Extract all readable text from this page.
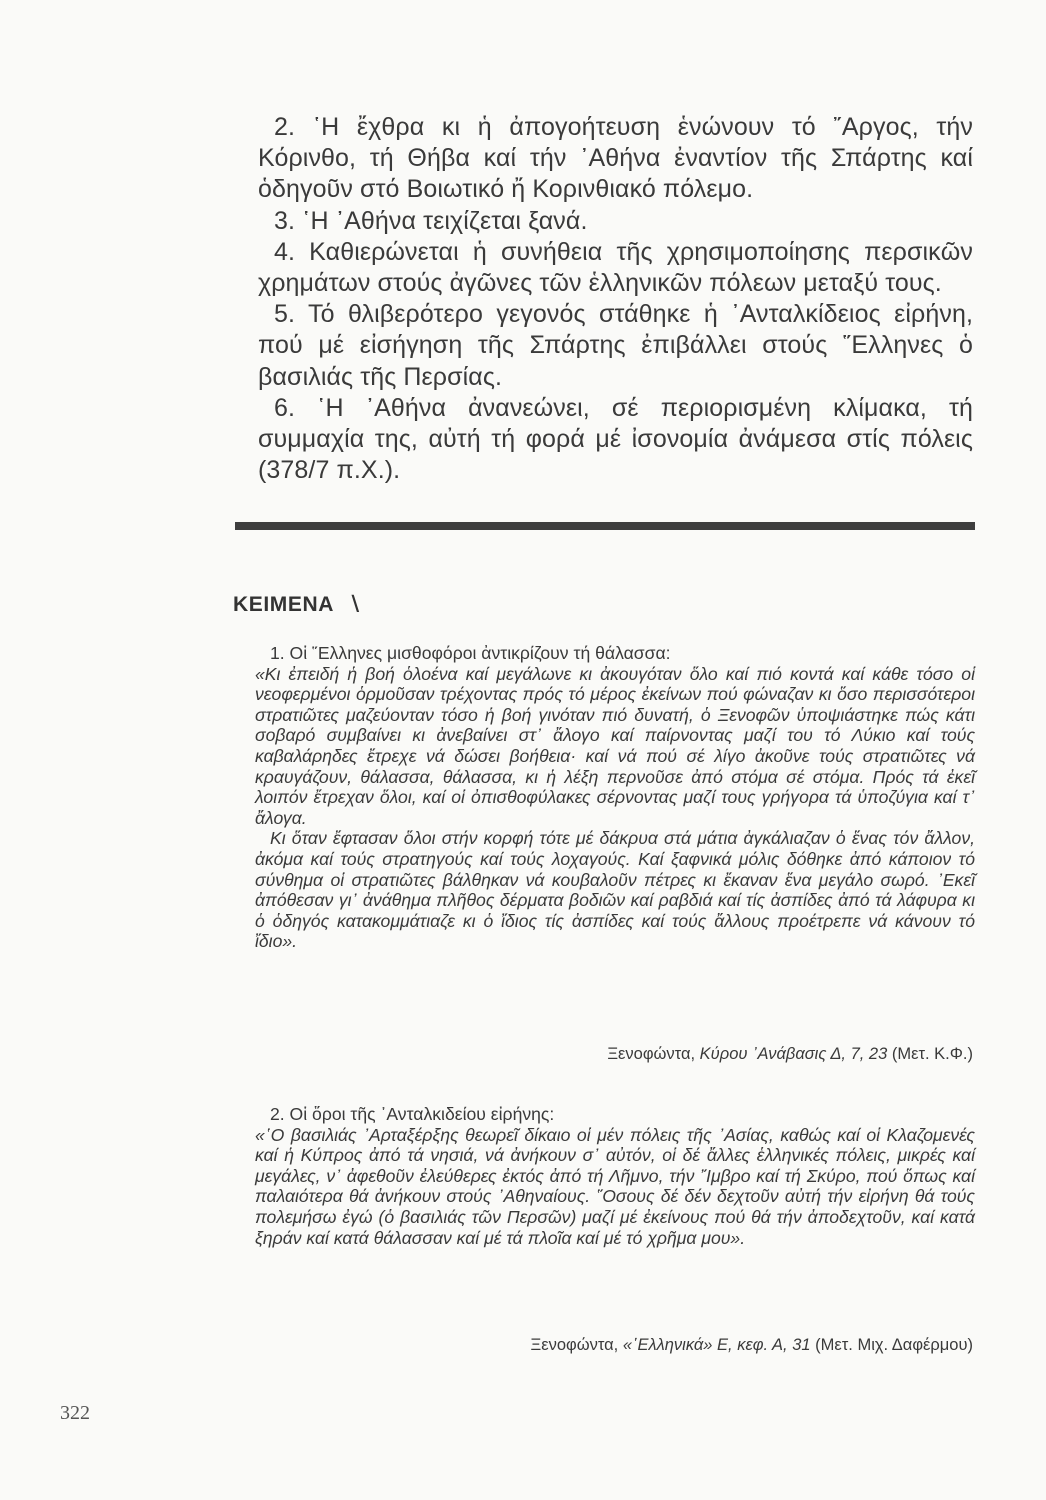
2. ῾Η ἔχθρα κι ἡ ἀπογοήτευση ἑνώνουν τό ῎Αργος, τήν Κόρινθο, τή Θήβα καί τήν ᾿Αθήνα ἐναντίον τῆς Σπάρτης καί ὁδηγοῦν στό Βοιωτικό ἤ Κορινθιακό πόλεμο.

3. ῾Η ᾿Αθήνα τειχίζεται ξανά.

4. Καθιερώνεται ἡ συνήθεια τῆς χρησιμοποίησης περσικῶν χρημάτων στούς ἀγῶνες τῶν ἑλληνικῶν πόλεων μεταξύ τους.

5. Τό θλιβερότερο γεγονός στάθηκε ἡ ᾿Ανταλκίδειος εἰρήνη, πού μέ εἰσήγηση τῆς Σπάρτης ἐπιβάλλει στούς ῞Ελληνες ὁ βασιλιάς τῆς Περσίας.

6. ῾Η ᾿Αθήνα ἀνανεώνει, σέ περιορισμένη κλίμακα, τή συμμαχία της, αὐτή τή φορά μέ ἰσονομία ἀνάμεσα στίς πόλεις (378/7 π.Χ.).

ΚΕΙΜΕΝΑ ∖

1. Οἱ ῞Ελληνες μισθοφόροι ἀντικρίζουν τή θάλασσα:

«Κι ἐπειδή ἡ βοή ὁλοένα καί μεγάλωνε κι ἀκουγόταν ὅλο καί πιό κοντά καί κάθε τόσο οἱ νεοφερμένοι ὁρμοῦσαν τρέχοντας πρός τό μέρος ἐκείνων πού φώναζαν κι ὅσο περισσότεροι στρατιῶτες μαζεύονταν τόσο ἡ βοή γινόταν πιό δυνατή, ὁ Ξενοφῶν ὑποψιάστηκε πώς κάτι σοβαρό συμβαίνει κι ἀνεβαίνει στ᾿ ἄλογο καί παίρνοντας μαζί του τό Λύκιο καί τούς καβαλάρηδες ἔτρεχε νά δώσει βοήθεια· καί νά πού σέ λίγο ἀκοῦνε τούς στρατιῶτες νά κραυγάζουν, θάλασσα, θάλασσα, κι ἡ λέξη περνοῦσε ἀπό στόμα σέ στόμα. Πρός τά ἐκεῖ λοιπόν ἔτρεχαν ὅλοι, καί οἱ ὀπισθοφύλακες σέρνοντας μαζί τους γρήγορα τά ὑποζύγια καί τ᾿ ἄλογα.

Κι ὅταν ἔφτασαν ὅλοι στήν κορφή τότε μέ δάκρυα στά μάτια ἀγκάλιαζαν ὁ ἕνας τόν ἄλλον, ἀκόμα καί τούς στρατηγούς καί τούς λοχαγούς. Καί ξαφνικά μόλις δόθηκε ἀπό κάποιον τό σύνθημα οἱ στρατιῶτες βάλθηκαν νά κουβαλοῦν πέτρες κι ἔκαναν ἕνα μεγάλο σωρό. ᾿Εκεῖ ἀπόθεσαν γι᾿ ἀνάθημα πλῆθος δέρματα βοδιῶν καί ραβδιά καί τίς ἀσπίδες ἀπό τά λάφυρα κι ὁ ὁδηγός κατακομμάτιαζε κι ὁ ἴδιος τίς ἀσπίδες καί τούς ἄλλους προέτρεπε νά κάνουν τό ἴδιο».

Ξενοφώντα, Κύρου ᾿Ανάβασις Δ, 7, 23 (Μετ. Κ.Φ.)

2. Οἱ ὅροι τῆς ᾿Ανταλκιδείου εἰρήνης:

«῾Ο βασιλιάς ᾿Αρταξέρξης θεωρεῖ δίκαιο οἱ μέν πόλεις τῆς ᾿Ασίας, καθώς καί οἱ Κλαζομενές καί ἡ Κύπρος ἀπό τά νησιά, νά ἀνήκουν σ᾿ αὐτόν, οἱ δέ ἄλλες ἑλληνικές πόλεις, μικρές καί μεγάλες, ν᾿ ἀφεθοῦν ἐλεύθερες ἐκτός ἀπό τή Λῆμνο, τήν ῎Ιμβρο καί τή Σκύρο, πού ὅπως καί παλαιότερα θά ἀνήκουν στούς ᾿Αθηναίους. ῞Οσους δέ δέν δεχτοῦν αὐτή τήν εἰρήνη θά τούς πολεμήσω ἐγώ (ὁ βασιλιάς τῶν Περσῶν) μαζί μέ ἐκείνους πού θά τήν ἀποδεχτοῦν, καί κατά ξηράν καί κατά θάλασσαν καί μέ τά πλοῖα καί μέ τό χρῆμα μου».

Ξενοφώντα, «῾Ελληνικά» Ε, κεφ. Α, 31 (Μετ. Μιχ. Δαφέρμου)
322
